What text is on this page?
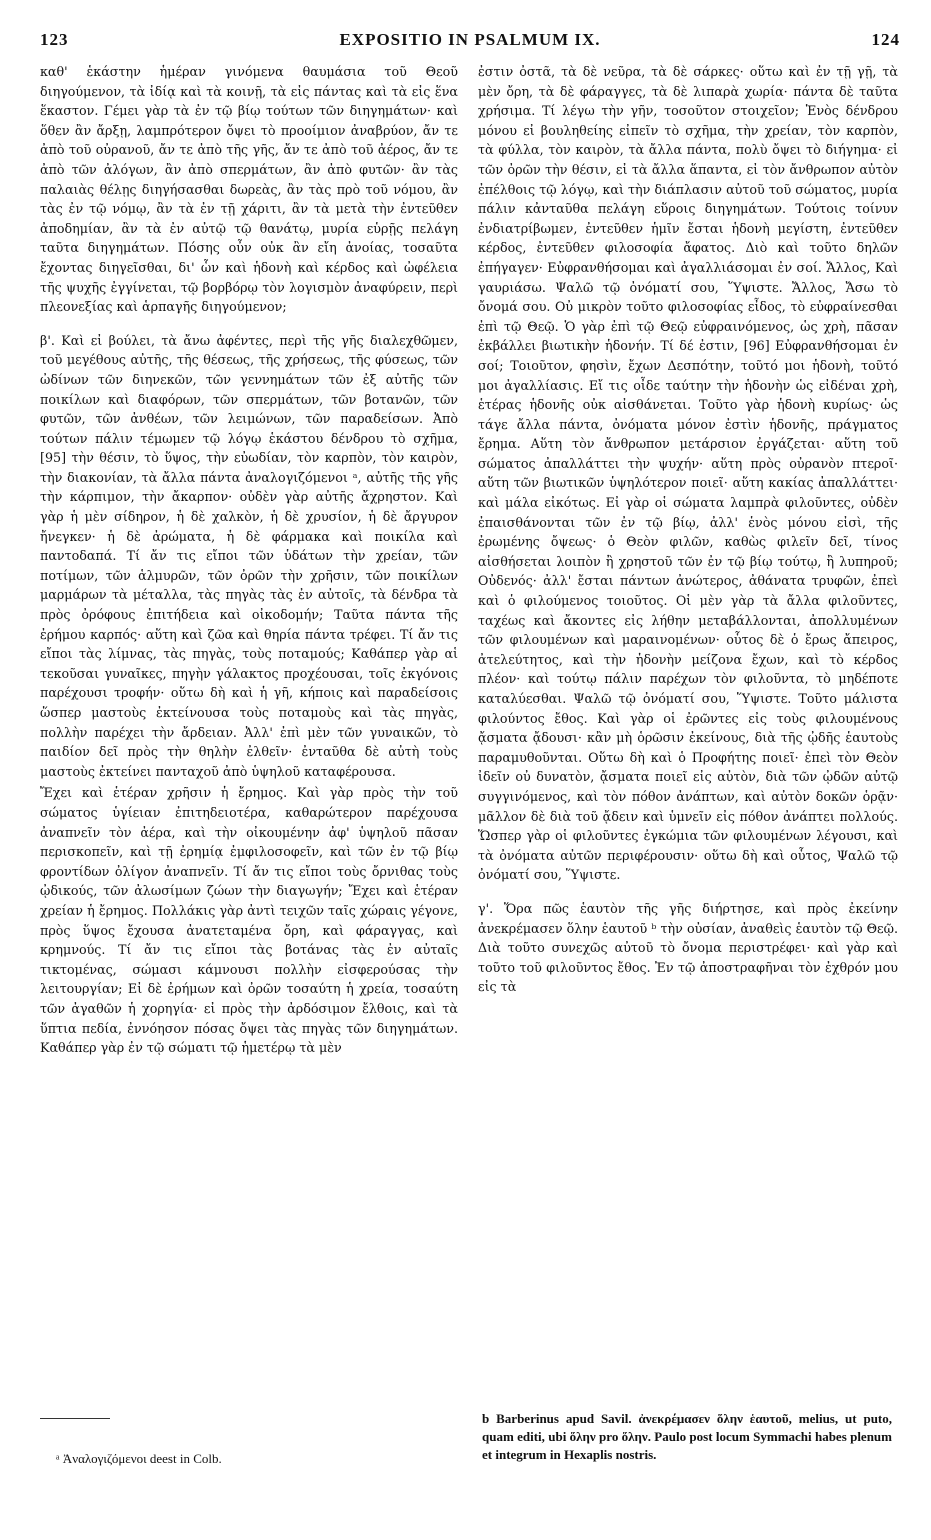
123	EXPOSITIO IN PSALMUM IX.	124

καθ' ἑκάστην ἡμέραν γινόμενα θαυμάσια τοῦ Θεοῦ διηγούμενον, τὰ ἰδίᾳ καὶ τὰ κοινῇ, τὰ εἰς πάντας καὶ τὰ εἰς ἕνα ἕκαστον. Γέμει γὰρ τὰ ἐν τῷ βίῳ τούτων τῶν διηγημάτων· καὶ ὅθεν ἂν ἄρξῃ, λαμπρότερον ὄψει τὸ προοίμιον ἀναβρύον, ἄν τε ἀπὸ τοῦ οὐρανοῦ, ἄν τε ἀπὸ τῆς γῆς, ἄν τε ἀπὸ τοῦ ἀέρος, ἄν τε ἀπὸ τῶν ἀλόγων, ἂν ἀπὸ σπερμάτων, ἂν ἀπὸ φυτῶν· ἂν τὰς παλαιὰς θέλῃς διηγήσασθαι δωρεὰς, ἂν τὰς πρὸ τοῦ νόμου, ἂν τὰς ἐν τῷ νόμῳ, ἂν τὰ ἐν τῇ χάριτι, ἂν τὰ μετὰ τὴν ἐντεῦθεν ἀποδημίαν, ἂν τὰ ἐν αὐτῷ τῷ θανάτῳ, μυρία εὑρῇς πελάγη ταῦτα διηγημάτων. Πόσης οὖν οὐκ ἂν εἴη ἀνοίας, τοσαῦτα ἔχοντας διηγεῖσθαι, δι' ὧν καὶ ἡδονὴ καὶ κέρδος καὶ ὠφέλεια τῆς ψυχῆς ἐγγίνεται, τῷ βορβόρῳ τὸν λογισμὸν ἀναφύρειν, περὶ πλεονεξίας καὶ ἁρπαγῆς διηγούμενον;

β'. Καὶ εἰ βούλει, τὰ ἄνω ἀφέντες, περὶ τῆς γῆς διαλεχθῶμεν, τοῦ μεγέθους αὐτῆς, τῆς θέσεως, τῆς χρήσεως, τῆς φύσεως, τῶν ὠδίνων τῶν διηνεκῶν, τῶν γεννημάτων τῶν ἐξ αὐτῆς τῶν ποικίλων καὶ διαφόρων, τῶν σπερμάτων, τῶν βοτανῶν, τῶν φυτῶν, τῶν ἀνθέων, τῶν λειμώνων, τῶν παραδείσων. Ἀπὸ τούτων πάλιν τέμωμεν τῷ λόγῳ ἑκάστου δένδρου τὸ σχῆμα, [95] τὴν θέσιν, τὸ ὕψος, τὴν εὐωδίαν, τὸν καρπὸν, τὸν καιρὸν, τὴν διακονίαν, τὰ ἄλλα πάντα ἀναλογιζόμενοι ᵃ, αὐτῆς τῆς γῆς τὴν κάρπιμον, τὴν ἄκαρπον· οὐδὲν γὰρ αὐτῆς ἄχρηστον. Καὶ γὰρ ἡ μὲν σίδηρον, ἡ δὲ χαλκὸν, ἡ δὲ χρυσίον, ἡ δὲ ἄργυρον ἤνεγκεν· ἡ δὲ ἀρώματα, ἡ δὲ φάρμακα καὶ ποικίλα καὶ παντοδαπά. Τί ἄν τις εἴποι τῶν ὑδάτων τὴν χρείαν, τῶν ποτίμων, τῶν ἁλμυρῶν, τῶν ὀρῶν τὴν χρῆσιν, τῶν ποικίλων μαρμάρων τὰ μέταλλα, τὰς πηγὰς τὰς ἐν αὐτοῖς, τὰ δένδρα τὰ πρὸς ὀρόφους ἐπιτήδεια καὶ οἰκοδομήν; Ταῦτα πάντα τῆς ἐρήμου καρπός· αὕτη καὶ ζῶα καὶ θηρία πάντα τρέφει. Τί ἄν τις εἴποι τὰς λίμνας, τὰς πηγὰς, τοὺς ποταμούς; Καθάπερ γὰρ αἱ τεκοῦσαι γυναῖκες, πηγὴν γάλακτος προχέουσαι, τοῖς ἐκγόνοις παρέχουσι τροφήν· οὕτω δὴ καὶ ἡ γῆ, κήποις καὶ παραδείσοις ὥσπερ μαστοὺς ἐκτείνουσα τοὺς ποταμοὺς καὶ τὰς πηγὰς, πολλὴν παρέχει τὴν ἄρδειαν. Ἀλλ' ἐπὶ μὲν τῶν γυναικῶν, τὸ παιδίον δεῖ πρὸς τὴν θηλὴν ἐλθεῖν· ἐνταῦθα δὲ αὐτὴ τοὺς μαστοὺς ἐκτείνει πανταχοῦ ἀπὸ ὑψηλοῦ καταφέρουσα.

Ἔχει καὶ ἑτέραν χρῆσιν ἡ ἔρημος. Καὶ γὰρ πρὸς τὴν τοῦ σώματος ὑγίειαν ἐπιτηδειοτέρα, καθαρώτερον παρέχουσα ἀναπνεῖν τὸν ἀέρα, καὶ τὴν οἰκουμένην ἀφ' ὑψηλοῦ πᾶσαν περισκοπεῖν, καὶ τῇ ἐρημίᾳ ἐμφιλοσοφεῖν, καὶ τῶν ἐν τῷ βίῳ φροντίδων ὀλίγον ἀναπνεῖν. Τί ἄν τις εἴποι τοὺς ὄρνιθας τοὺς ᾠδικούς, τῶν ἀλωσίμων ζώων τὴν διαγωγήν; Ἔχει καὶ ἑτέραν χρείαν ἡ ἔρημος. Πολλάκις γὰρ ἀντὶ τειχῶν ταῖς χώραις γέγονε, πρὸς ὕψος ἔχουσα ἀνατεταμένα ὄρη, καὶ φάραγγας, καὶ κρημνούς. Τί ἄν τις εἴποι τὰς βοτάνας τὰς ἐν αὐταῖς τικτομένας, σώμασι κάμνουσι πολλὴν εἰσφερούσας τὴν λειτουργίαν; Εἰ δὲ ἐρήμων καὶ ὀρῶν τοσαύτη ἡ χρεία, τοσαύτη τῶν ἀγαθῶν ἡ χορηγία· εἰ πρὸς τὴν ἀρδόσιμον ἔλθοις, καὶ τὰ ὕπτια πεδία, ἐννόησον πόσας ὄψει τὰς πηγὰς τῶν διηγημάτων. Καθάπερ γὰρ ἐν τῷ σώματι τῷ ἡμετέρῳ τὰ μὲν

ἐστιν ὀστᾶ, τὰ δὲ νεῦρα, τὰ δὲ σάρκες· οὕτω καὶ ἐν τῇ γῇ, τὰ μὲν ὄρη, τὰ δὲ φάραγγες, τὰ δὲ λιπαρὰ χωρία· πάντα δὲ ταῦτα χρήσιμα. Τί λέγω τὴν γῆν, τοσοῦτον στοιχεῖον; Ἑνὸς δένδρου μόνου εἰ βουληθείης εἰπεῖν τὸ σχῆμα, τὴν χρείαν, τὸν καρπὸν, τὰ φύλλα, τὸν καιρὸν, τὰ ἄλλα πάντα, πολὺ ὄψει τὸ διήγημα· εἰ τῶν ὀρῶν τὴν θέσιν, εἰ τὰ ἄλλα ἅπαντα, εἰ τὸν ἄνθρωπον αὐτὸν ἐπέλθοις τῷ λόγῳ, καὶ τὴν διάπλασιν αὐτοῦ τοῦ σώματος, μυρία πάλιν κἀνταῦθα πελάγη εὕροις διηγημάτων. Τούτοις τοίνυν ἐνδιατρίβωμεν, ἐντεῦθεν ἡμῖν ἔσται ἡδονὴ μεγίστη, ἐντεῦθεν κέρδος, ἐντεῦθεν φιλοσοφία ἄφατος. Διὸ καὶ τοῦτο δηλῶν ἐπήγαγεν· Εὐφρανθήσομαι καὶ ἀγαλλιάσομαι ἐν σοί. Ἄλλος, Καὶ γαυριάσω. Ψαλῶ τῷ ὀνόματί σου, Ὕψιστε. Ἄλλος, Ἄσω τὸ ὄνομά σου. Οὐ μικρὸν τοῦτο φιλοσοφίας εἶδος, τὸ εὐφραίνεσθαι ἐπὶ τῷ Θεῷ. Ὁ γὰρ ἐπὶ τῷ Θεῷ εὐφραινόμενος, ὡς χρὴ, πᾶσαν ἐκβάλλει βιωτικὴν ἡδονήν. Τί δέ ἐστιν, [96] Εὐφρανθήσομαι ἐν σοί; Τοιοῦτον, φησὶν, ἔχων Δεσπότην, τοῦτό μοι ἡδονὴ, τοῦτό μοι ἀγαλλίασις. Εἴ τις οἶδε ταύτην τὴν ἡδονὴν ὡς εἰδέναι χρὴ, ἑτέρας ἡδονῆς οὐκ αἰσθάνεται. Τοῦτο γὰρ ἡδονὴ κυρίως· ὡς τάγε ἄλλα πάντα, ὀνόματα μόνον ἐστὶν ἡδονῆς, πράγματος ἔρημα. Αὕτη τὸν ἄνθρωπον μετάρσιον ἐργάζεται· αὕτη τοῦ σώματος ἀπαλλάττει τὴν ψυχήν· αὕτη πρὸς οὐρανὸν πτεροῖ· αὕτη τῶν βιωτικῶν ὑψηλότερον ποιεῖ· αὕτη κακίας ἀπαλλάττει· καὶ μάλα εἰκότως. Εἰ γὰρ οἱ σώματα λαμπρὰ φιλοῦντες, οὐδὲν ἐπαισθάνονται τῶν ἐν τῷ βίῳ, ἀλλ' ἑνὸς μόνου εἰσὶ, τῆς ἐρωμένης ὄψεως· ὁ Θεὸν φιλῶν, καθὼς φιλεῖν δεῖ, τίνος αἰσθήσεται λοιπὸν ἢ χρηστοῦ τῶν ἐν τῷ βίῳ τούτῳ, ἢ λυπηροῦ; Οὐδενός· ἀλλ' ἔσται πάντων ἀνώτερος, ἀθάνατα τρυφῶν, ἐπεὶ καὶ ὁ φιλούμενος τοιοῦτος. Οἱ μὲν γὰρ τὰ ἄλλα φιλοῦντες, ταχέως καὶ ἄκοντες εἰς λήθην μεταβάλλονται, ἀπολλυμένων τῶν φιλουμένων καὶ μαραινομένων· οὗτος δὲ ὁ ἔρως ἄπειρος, ἀτελεύτητος, καὶ τὴν ἡδονὴν μείζονα ἔχων, καὶ τὸ κέρδος πλέον· καὶ τούτῳ πάλιν παρέχων τὸν φιλοῦντα, τὸ μηδέποτε καταλύεσθαι. Ψαλῶ τῷ ὀνόματί σου, Ὕψιστε. Τοῦτο μάλιστα φιλούντος ἔθος. Καὶ γὰρ οἱ ἐρῶντες εἰς τοὺς φιλουμένους ᾄσματα ᾄδουσι· κἂν μὴ ὁρῶσιν ἐκείνους, διὰ τῆς ᾠδῆς ἑαυτοὺς παραμυθοῦνται. Οὕτω δὴ καὶ ὁ Προφήτης ποιεῖ· ἐπεὶ τὸν Θεὸν ἰδεῖν οὐ δυνατὸν, ᾄσματα ποιεῖ εἰς αὐτὸν, διὰ τῶν ᾠδῶν αὐτῷ συγγινόμενος, καὶ τὸν πόθον ἀνάπτων, καὶ αὐτὸν δοκῶν ὁρᾷν· μᾶλλον δὲ διὰ τοῦ ᾄδειν καὶ ὑμνεῖν εἰς πόθον ἀνάπτει πολλούς. Ὥσπερ γὰρ οἱ φιλοῦντες ἐγκώμια τῶν φιλουμένων λέγουσι, καὶ τὰ ὀνόματα αὐτῶν περιφέρουσιν· οὕτω δὴ καὶ οὗτος, Ψαλῶ τῷ ὀνόματί σου, Ὕψιστε.

γ'. Ὅρα πῶς ἑαυτὸν τῆς γῆς διήρτησε, καὶ πρὸς ἐκείνην ἀνεκρέμασεν ὅλην ἑαυτοῦ ᵇ τὴν οὐσίαν, ἀναθεὶς ἑαυτὸν τῷ Θεῷ. Διὰ τοῦτο συνεχῶς αὐτοῦ τὸ ὄνομα περιστρέφει· καὶ γὰρ καὶ τοῦτο τοῦ φιλοῦντος ἔθος. Ἐν τῷ ἀποστραφῆναι τὸν ἐχθρόν μου εἰς τὰ

ᵃ Ἀναλογιζόμενοι deest in Colb.
b Barberinus apud Savil. ἀνεκρέμασεν ὅλην ἑαυτοῦ, melius, ut puto, quam editi, ubi ὅλην pro ὅλην. Paulo post locum Symmachi habes plenum et integrum in Hexaplis nostris.
